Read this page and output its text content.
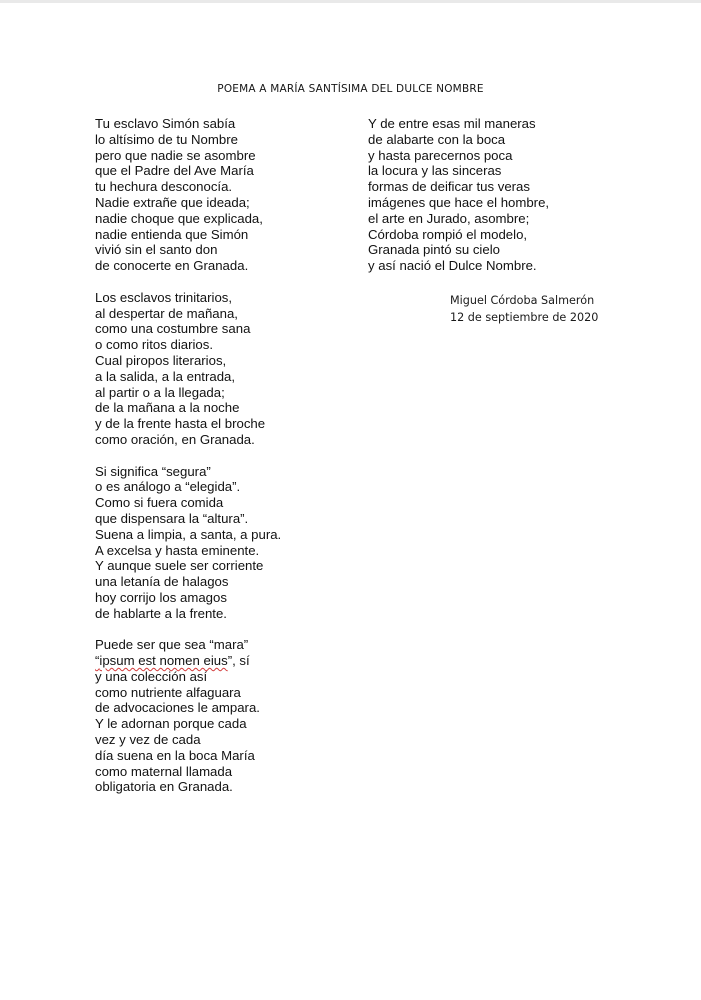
POEMA A MARÍA SANTÍSIMA DEL DULCE NOMBRE
Tu esclavo Simón sabía
lo altísimo de tu Nombre
pero que nadie se asombre
que el Padre del Ave María
tu hechura desconocía.
Nadie extrañe que ideada;
nadie choque que explicada,
nadie entienda que Simón
vivió sin el santo don
de conocerte en Granada.
Los esclavos trinitarios,
al despertar de mañana,
como una costumbre sana
o como ritos diarios.
Cual piropos literarios,
a la salida, a la entrada,
al partir o a la llegada;
de la mañana a la noche
y de la frente hasta el broche
como oración, en Granada.
Si significa “segura”
o es análogo a “elegida”.
Como si fuera comida
que dispensara la “altura”.
Suena a limpia, a santa, a pura.
A excelsa y hasta eminente.
Y aunque suele ser corriente
una letanía de halagos
hoy corrijo los amagos
de hablarte a la frente.
Puede ser que sea “mara”
“ipsum est nomen eius”, sí
y una colección así
como nutriente alfaguara
de advocaciones le ampara.
Y le adornan porque cada
vez y vez de cada
día suena en la boca María
como maternal llamada
obligatoria en Granada.
Y de entre esas mil maneras
de alabarte con la boca
y hasta parecernos poca
la locura y las sinceras
formas de deificar tus veras
imágenes que hace el hombre,
el arte en Jurado, asombre;
Córdoba rompió el modelo,
Granada pintó su cielo
y así nació el Dulce Nombre.
Miguel Córdoba Salmerón
12 de septiembre de 2020
